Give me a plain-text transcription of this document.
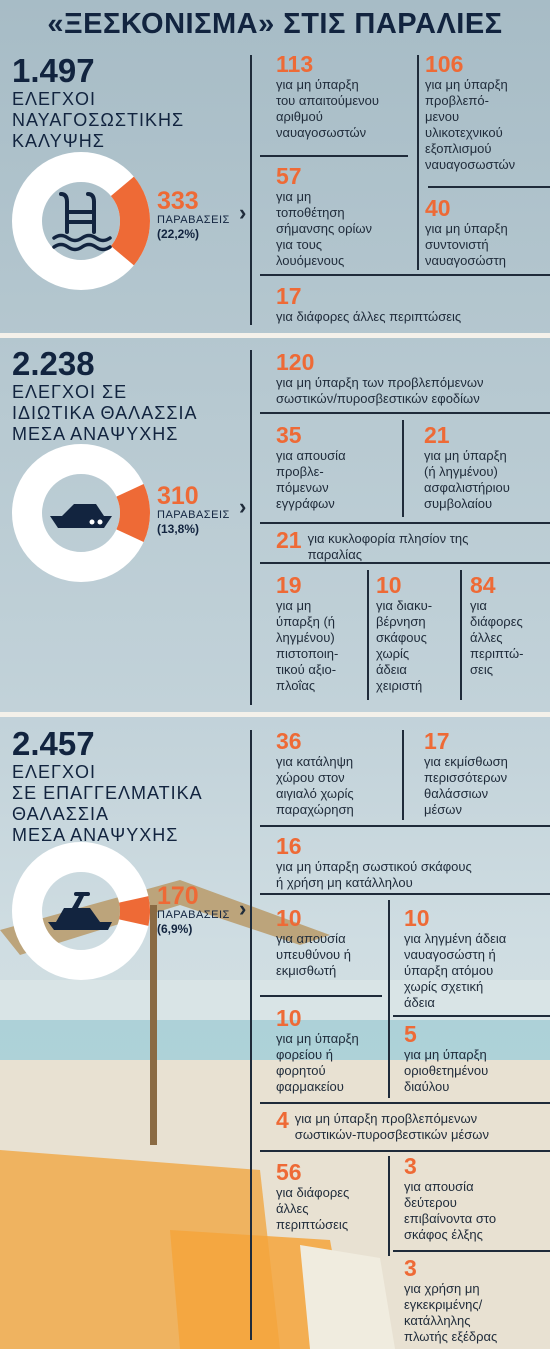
«ΞΕΣΚΟΝΙΣΜΑ» ΣΤΙΣ ΠΑΡΑΛΙΕΣ
1.497
ΕΛΕΓΧΟΙ
ΝΑΥΑΓΟΣΩΣΤΙΚΗΣ
ΚΑΛΥΨΗΣ
333
ΠΑΡΑΒΑΣΕΙΣ
(22,2%)
›
113
για μη ύπαρξη
του απαιτούμενου
αριθμού
ναυαγοσωστών
106
για μη ύπαρξη
προβλεπό-
μενου
υλικοτεχνικού
εξοπλισμού
ναυαγοσωστών
57
για μη
τοποθέτηση
σήμανσης ορίων
για τους
λουόμενους
40
για μη ύπαρξη
συντονιστή
ναυαγοσώστη
17
για διάφορες άλλες περιπτώσεις
2.238
ΕΛΕΓΧΟΙ ΣΕ
ΙΔΙΩΤΙΚΑ ΘΑΛΑΣΣΙΑ
ΜΕΣΑ ΑΝΑΨΥΧΗΣ
310
ΠΑΡΑΒΑΣΕΙΣ
(13,8%)
›
120
για μη ύπαρξη των προβλεπόμενων
σωστικών/πυροσβεστικών εφοδίων
35
για απουσία
προβλε-
πόμενων
εγγράφων
21
για μη ύπαρξη
(ή ληγμένου)
ασφαλιστήριου
συμβολαίου
21 για κυκλοφορία πλησίον της
παραλίας
19
για μη
ύπαρξη (ή
ληγμένου)
πιστοποιη-
τικού αξιο-
πλοΐας
10
για διακυ-
βέρνηση
σκάφους
χωρίς
άδεια
χειριστή
84
για
διάφορες
άλλες
περιπτώ-
σεις
2.457
ΕΛΕΓΧΟΙ
ΣΕ ΕΠΑΓΓΕΛΜΑΤΙΚΑ
ΘΑΛΑΣΣΙΑ
ΜΕΣΑ ΑΝΑΨΥΧΗΣ
170
ΠΑΡΑΒΑΣΕΙΣ
(6,9%)
›
36
για κατάληψη
χώρου στον
αιγιαλό χωρίς
παραχώρηση
17
για εκμίσθωση
περισσότερων
θαλάσσιων
μέσων
16
για μη ύπαρξη σωστικού σκάφους
ή χρήση μη κατάλληλου
10
για απουσία
υπευθύνου ή
εκμισθωτή
10
για ληγμένη άδεια
ναυαγοσώστη ή
ύπαρξη ατόμου
χωρίς σχετική
άδεια
10
για μη ύπαρξη
φορείου ή
φορητού
φαρμακείου
5
για μη ύπαρξη
οριοθετημένου
διαύλου
4 για μη ύπαρξη προβλεπόμενων
σωστικών-πυροσβεστικών μέσων
56
για διάφορες
άλλες
περιπτώσεις
3
για απουσία
δεύτερου
επιβαίνοντα στο
σκάφος έλξης
3
για χρήση μη
εγκεκριμένης/
κατάλληλης
πλωτής εξέδρας
